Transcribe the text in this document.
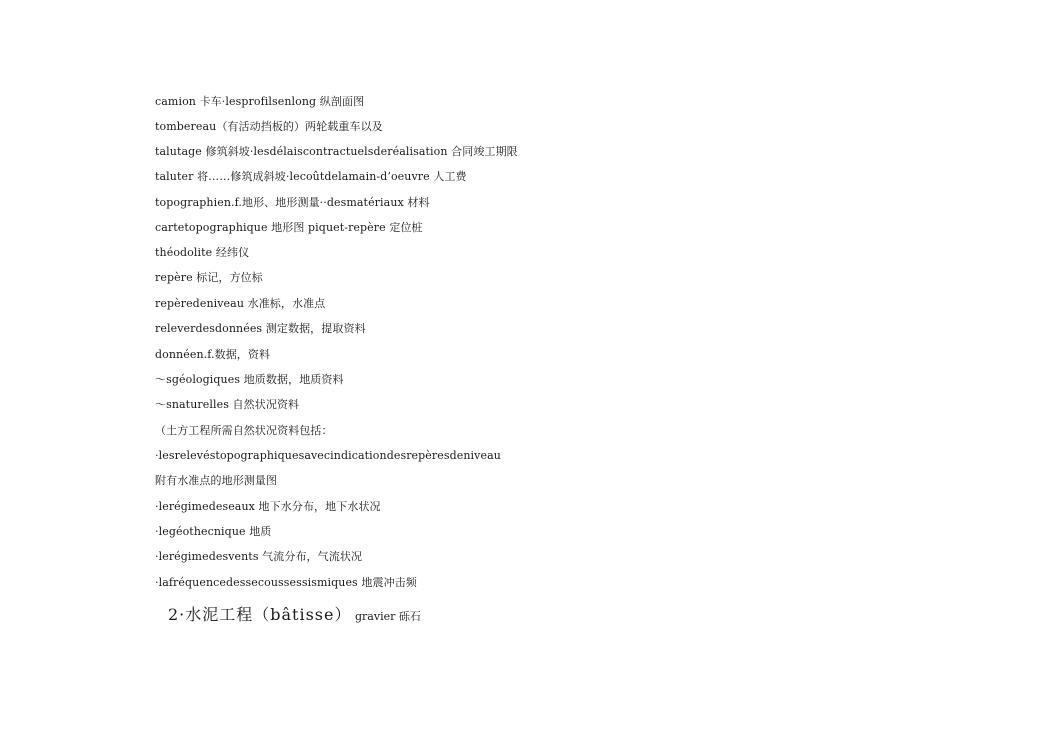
camion 卡车·lesprofilsenlong 纵剖面图
tombereau（有活动挡板的）两轮载重车以及
talutage 修筑斜坡·lesdélaiscontractuelsderéalisation 合同竣工期限
taluter 将……修筑成斜坡·lecoûtdelamain-d’oeuvre 人工费
topographien.f.地形、地形测量··desmatériaux 材料
cartetopographique 地形图 piquet-repère 定位桩
théodolite 经纬仪
repère 标记，方位标
repèredeniveau 水准标，水准点
releverdesdonnées 测定数据，提取资料
donnéen.f.数据，资料
～sgéologiques 地质数据，地质资料
～snaturelles 自然状况资料
（土方工程所需自然状况资料包括：
·lesrelevéstopographiquesavecindicationdesrepèresdeniveau
附有水准点的地形测量图
·lerégimedeseaux 地下水分布，地下水状况
·legéothecnique 地质
·lerégimedesvents 气流分布，气流状况
·lafréquencedessecoussessismiques 地震冲击频
2·水泥工程（bâtisse） gravier 砾石
